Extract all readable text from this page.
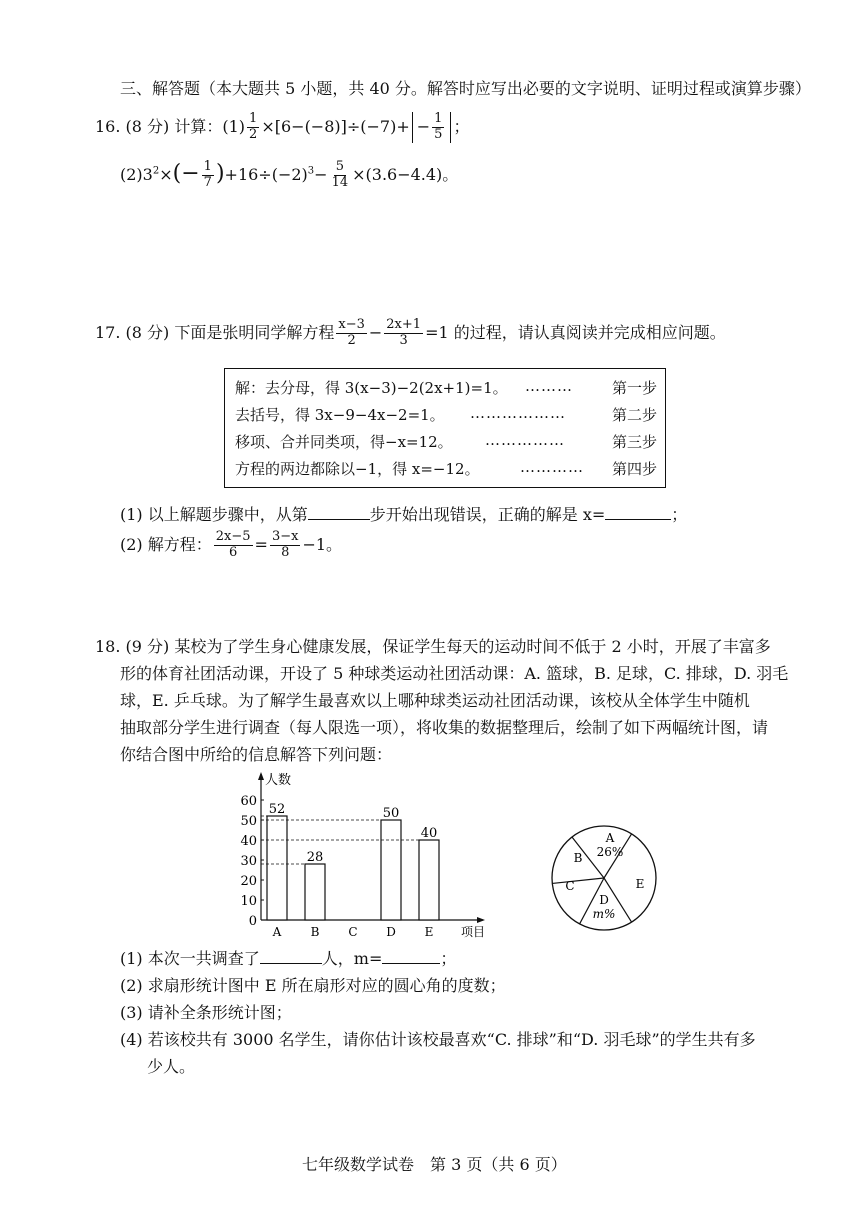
三、解答题（本大题共 5 小题，共 40 分。解答时应写出必要的文字说明、证明过程或演算步骤）
16. (8 分) 计算：$(1) \frac{1}{2} \times[6-(-8)]\div(-7)+ - \frac{1}{5}$ ；
$(2)3^2\times(- \frac{1}{7} )+16\div(-2)^3- \frac{5}{14} \times(3.6-4.4)$。
17. (8 分) 下面是张明同学解方程 $\frac{x-3}{2} - \frac{2x+1}{3} =1$ 的过程，请认真阅读并完成相应问题。
解：去分母，得 3(x−3)−2(2x+1)=1。 ………	第一步
去括号，得 3x−9−4x−2=1。 ………………	第二步
移项、合并同类项，得−x=12。 ……………	第三步
方程的两边都除以−1，得 x=−12。	………… 第四步
(1) 以上解题步骤中，从第	步开始出现错误，正确的解是 x=	；
(2) 解方程： $\frac{2x-5}{6} = \frac{3-x}{8} -1$。
18. (9 分) 某校为了学生身心健康发展，保证学生每天的运动时间不低于 2 小时，开展了丰富多
形的体育社团活动课，开设了 5 种球类运动社团活动课：A. 篮球，B. 足球，C. 排球，D. 羽毛
球，E. 乒乓球。为了解学生最喜欢以上哪种球类运动社团活动课，该校从全体学生中随机
抽取部分学生进行调查（每人限选一项），将收集的数据整理后，绘制了如下两幅统计图，请
你结合图中所给的信息解答下列问题：
人数
项目
0
10
20
30
40
50
60
52
A
28
B C
50
D
40
E
A
26%
B
C
D
m%
E
(1) 本次一共调查了	人，m=	；
(2) 求扇形统计图中 E 所在扇形对应的圆心角的度数；
(3) 请补全条形统计图；
(4) 若该校共有 3000 名学生，请你估计该校最喜欢“C. 排球”和“D. 羽毛球”的学生共有多
少人。
七年级数学试卷　第 3 页（共 6 页）
